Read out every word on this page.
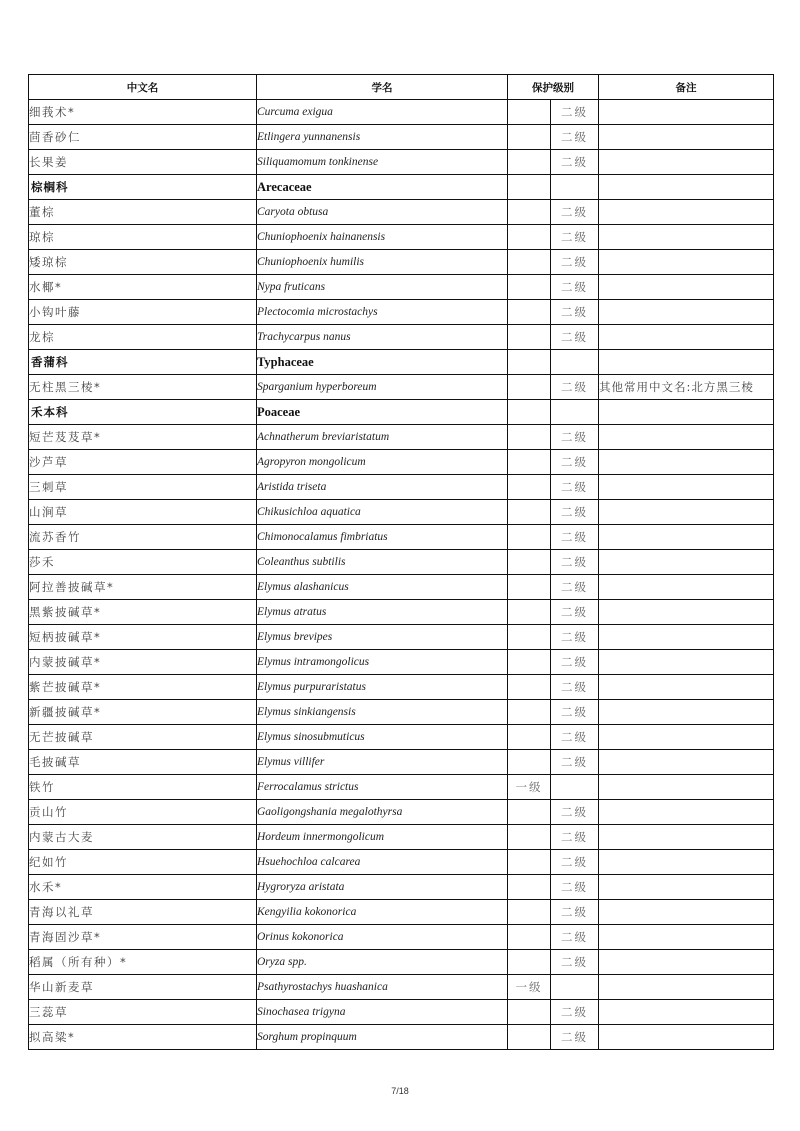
中文名	学名	保护级别		备注
细莪术*	Curcuma exigua		二级	
茴香砂仁	Etlingera yunnanensis		二级	
长果姜	Siliquamomum tonkinense		二级	
棕榈科	Arecaceae			
董棕	Caryota obtusa		二级	
琼棕	Chuniophoenix hainanensis		二级	
矮琼棕	Chuniophoenix humilis		二级	
水椰*	Nypa fruticans		二级	
小钩叶藤	Plectocomia microstachys		二级	
龙棕	Trachycarpus nanus		二级	
香蒲科	Typhaceae			
无柱黑三棱*	Sparganium hyperboreum		二级	其他常用中文名:北方黑三棱
禾本科	Poaceae			
短芒芨芨草*	Achnatherum breviaristatum		二级	
沙芦草	Agropyron mongolicum		二级	
三刺草	Aristida triseta		二级	
山涧草	Chikusichloa aquatica		二级	
流苏香竹	Chimonocalamus fimbriatus		二级	
莎禾	Coleanthus subtilis		二级	
阿拉善披碱草*	Elymus alashanicus		二级	
黑紫披碱草*	Elymus atratus		二级	
短柄披碱草*	Elymus brevipes		二级	
内蒙披碱草*	Elymus intramongolicus		二级	
紫芒披碱草*	Elymus purpuraristatus		二级	
新疆披碱草*	Elymus sinkiangensis		二级	
无芒披碱草	Elymus sinosubmuticus		二级	
毛披碱草	Elymus villifer		二级	
铁竹	Ferrocalamus strictus	一级		
贡山竹	Gaoligongshania megalothyrsa		二级	
内蒙古大麦	Hordeum innermongolicum		二级	
纪如竹	Hsuehochloa calcarea		二级	
水禾*	Hygroryza aristata		二级	
青海以礼草	Kengyilia kokonorica		二级	
青海固沙草*	Orinus kokonorica		二级	
稻属（所有种）*	Oryza spp.		二级	
华山新麦草	Psathyrostachys huashanica	一级		
三蕊草	Sinochasea trigyna		二级	
拟高粱*	Sorghum propinquum		二级	
7/18
